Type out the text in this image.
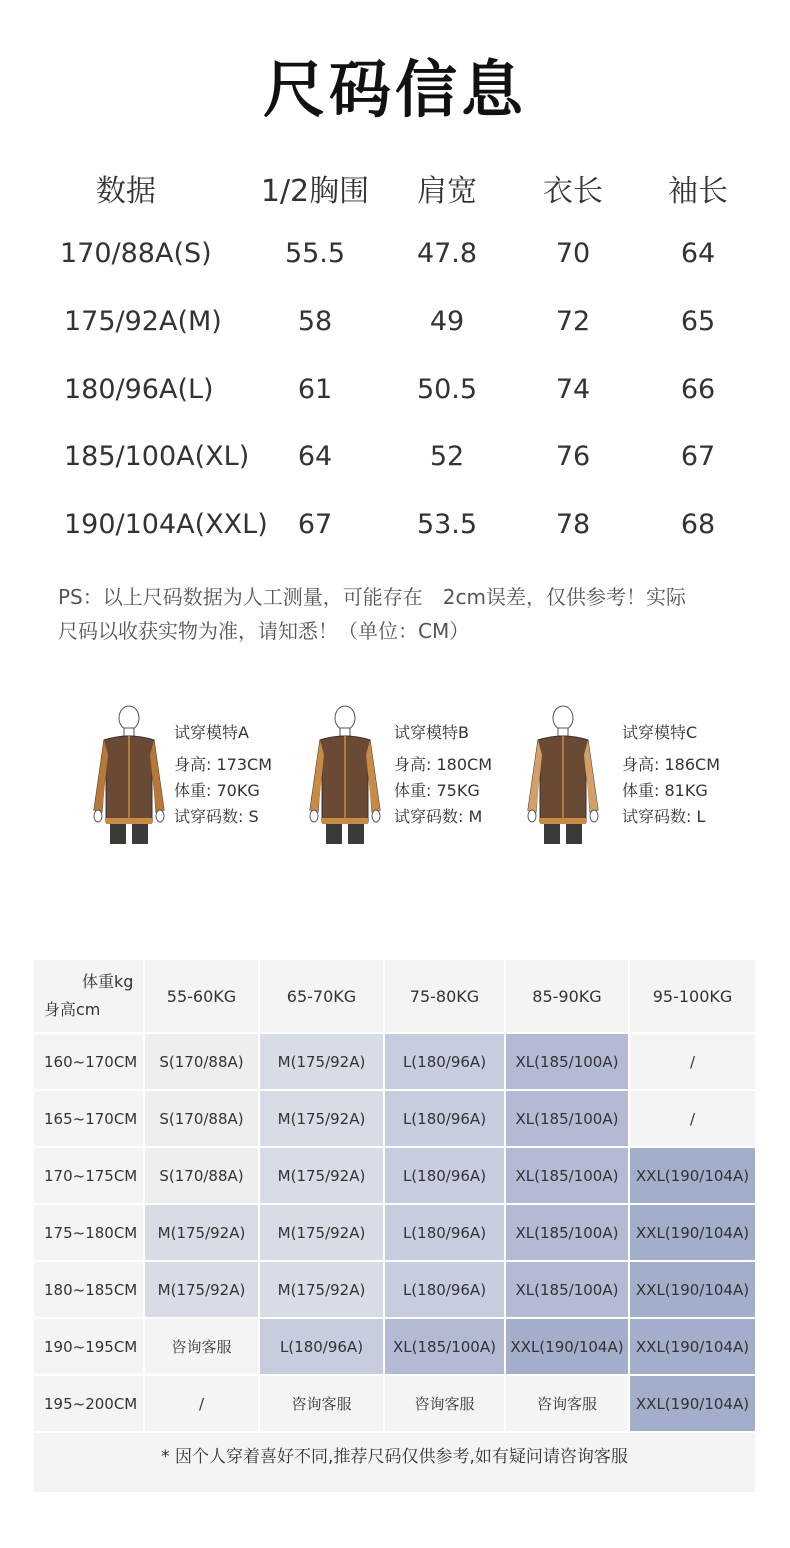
尺码信息
数据	1/2胸围	肩宽	衣长	袖长
170/88A(S)	55.5	47.8	70	64
175/92A(M)	58	49	72	65
180/96A(L)	61	50.5	74	66
185/100A(XL)	64	52	76	67
190/104A(XXL)	67	53.5	78	68
PS：以上尺码数据为人工测量，可能存在　2cm误差，仅供参考！实际
尺码以收获实物为准，请知悉！（单位：CM）
试穿模特A
身高: 173CM
体重: 70KG
试穿码数: S
试穿模特B
身高: 180CM
体重: 75KG
试穿码数: M
试穿模特C
身高: 186CM
体重: 81KG
试穿码数: L
* 因个人穿着喜好不同,推荐尺码仅供参考,如有疑问请咨询客服
体重kg
身高cm
55-60KG	65-70KG	75-80KG	85-90KG	95-100KG
160~170CM	S(170/88A)	M(175/92A)	L(180/96A)	XL(185/100A)	/
165~170CM	S(170/88A)	M(175/92A)	L(180/96A)	XL(185/100A)	/
170~175CM	S(170/88A)	M(175/92A)	L(180/96A)	XL(185/100A)	XXL(190/104A)
175~180CM	M(175/92A)	M(175/92A)	L(180/96A)	XL(185/100A)	XXL(190/104A)
180~185CM	M(175/92A)	M(175/92A)	L(180/96A)	XL(185/100A)	XXL(190/104A)
190~195CM	咨询客服	L(180/96A)	XL(185/100A) XXL(190/104A) XXL(190/104A)
195~200CM	/	咨询客服	咨询客服	咨询客服	XXL(190/104A)
